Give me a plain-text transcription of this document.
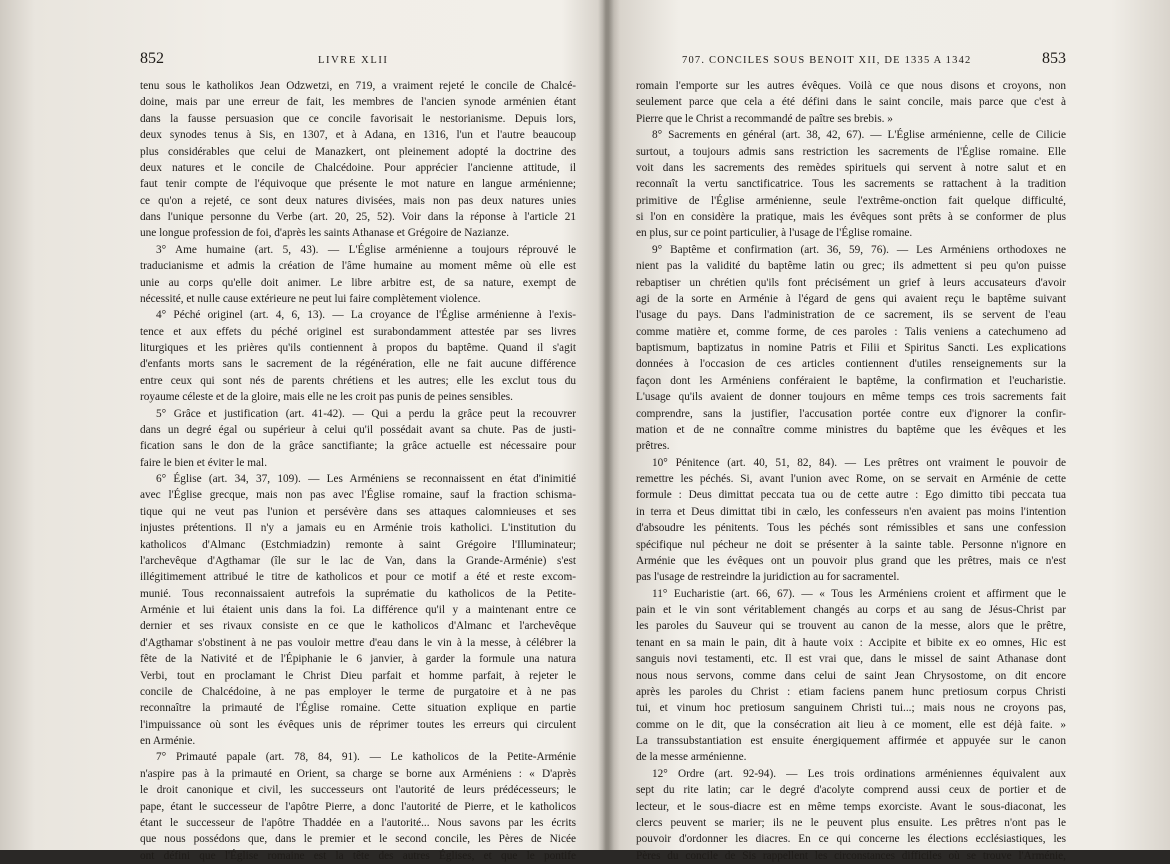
852	LIVRE XLII
tenu sous le katholikos Jean Odzwetzi, en 719, a vraiment rejeté le concile de Chalcé-
doine, mais par une erreur de fait, les membres de l'ancien synode arménien étant
dans la fausse persuasion que ce concile favorisait le nestorianisme. Depuis lors,
deux synodes tenus à Sis, en 1307, et à Adana, en 1316, l'un et l'autre beaucoup
plus considérables que celui de Manazkert, ont pleinement adopté la doctrine des
deux natures et le concile de Chalcédoine. Pour apprécier l'ancienne attitude, il
faut tenir compte de l'équivoque que présente le mot nature en langue arménienne;
ce qu'on a rejeté, ce sont deux natures divisées, mais non pas deux natures unies
dans l'unique personne du Verbe (art. 20, 25, 52). Voir dans la réponse à l'article 21
une longue profession de foi, d'après les saints Athanase et Grégoire de Nazianze.
3° Ame humaine (art. 5, 43). — L'Église arménienne a toujours réprouvé le
traducianisme et admis la création de l'âme humaine au moment même où elle est
unie au corps qu'elle doit animer. Le libre arbitre est, de sa nature, exempt de
nécessité, et nulle cause extérieure ne peut lui faire complètement violence.
4° Péché originel (art. 4, 6, 13). — La croyance de l'Église arménienne à l'exis-
tence et aux effets du péché originel est surabondamment attestée par ses livres
liturgiques et les prières qu'ils contiennent à propos du baptême. Quand il s'agit
d'enfants morts sans le sacrement de la régénération, elle ne fait aucune différence
entre ceux qui sont nés de parents chrétiens et les autres; elle les exclut tous du
royaume céleste et de la gloire, mais elle ne les croit pas punis de peines sensibles.
5° Grâce et justification (art. 41-42). — Qui a perdu la grâce peut la recouvrer
dans un degré égal ou supérieur à celui qu'il possédait avant sa chute. Pas de justi-
fication sans le don de la grâce sanctifiante; la grâce actuelle est nécessaire pour
faire le bien et éviter le mal.
6° Église (art. 34, 37, 109). — Les Arméniens se reconnaissent en état d'inimitié
avec l'Église grecque, mais non pas avec l'Église romaine, sauf la fraction schisma-
tique qui ne veut pas l'union et persévère dans ses attaques calomnieuses et ses
injustes prétentions. Il n'y a jamais eu en Arménie trois katholici. L'institution du
katholicos d'Almanc (Estchmiadzin) remonte à saint Grégoire l'Illuminateur;
l'archevêque d'Agthamar (île sur le lac de Van, dans la Grande-Arménie) s'est
illégitimement attribué le titre de katholicos et pour ce motif a été et reste excom-
munié. Tous reconnaissaient autrefois la suprématie du katholicos de la Petite-
Arménie et lui étaient unis dans la foi. La différence qu'il y a maintenant entre ce
dernier et ses rivaux consiste en ce que le katholicos d'Almanc et l'archevêque
d'Agthamar s'obstinent à ne pas vouloir mettre d'eau dans le vin à la messe, à célébrer la
fête de la Nativité et de l'Épiphanie le 6 janvier, à garder la formule una natura
Verbi, tout en proclamant le Christ Dieu parfait et homme parfait, à rejeter le
concile de Chalcédoine, à ne pas employer le terme de purgatoire et à ne pas
reconnaître la primauté de l'Église romaine. Cette situation explique en partie
l'impuissance où sont les évêques unis de réprimer toutes les erreurs qui circulent
en Arménie.
7° Primauté papale (art. 78, 84, 91). — Le katholicos de la Petite-Arménie
n'aspire pas à la primauté en Orient, sa charge se borne aux Arméniens : « D'après
le droit canonique et civil, les successeurs ont l'autorité de leurs prédécesseurs; le
pape, étant le successeur de l'apôtre Pierre, a donc l'autorité de Pierre, et le katholicos
étant le successeur de l'apôtre Thaddée en a l'autorité... Nous savons par les écrits
que nous possédons que, dans le premier et le second concile, les Pères de Nicée
ont défini que l'Église romaine est la tête des autres Églises, et que le pontife
707. CONCILES SOUS BENOIT XII, DE 1335 A 1342	853
romain l'emporte sur les autres évêques. Voilà ce que nous disons et croyons, non
seulement parce que cela a été défini dans le saint concile, mais parce que c'est à
Pierre que le Christ a recommandé de paître ses brebis. »
8° Sacrements en général (art. 38, 42, 67). — L'Église arménienne, celle de Cilicie
surtout, a toujours admis sans restriction les sacrements de l'Église romaine. Elle
voit dans les sacrements des remèdes spirituels qui servent à notre salut et en
reconnaît la vertu sanctificatrice. Tous les sacrements se rattachent à la tradition
primitive de l'Église arménienne, seule l'extrême-onction fait quelque difficulté,
si l'on en considère la pratique, mais les évêques sont prêts à se conformer de plus
en plus, sur ce point particulier, à l'usage de l'Église romaine.
9° Baptême et confirmation (art. 36, 59, 76). — Les Arméniens orthodoxes ne
nient pas la validité du baptême latin ou grec; ils admettent si peu qu'on puisse
rebaptiser un chrétien qu'ils font précisément un grief à leurs accusateurs d'avoir
agi de la sorte en Arménie à l'égard de gens qui avaient reçu le baptême suivant
l'usage du pays. Dans l'administration de ce sacrement, ils se servent de l'eau
comme matière et, comme forme, de ces paroles : Talis veniens a catechumeno ad
baptismum, baptizatus in nomine Patris et Filii et Spiritus Sancti. Les explications
données à l'occasion de ces articles contiennent d'utiles renseignements sur la
façon dont les Arméniens conféraient le baptême, la confirmation et l'eucharistie.
L'usage qu'ils avaient de donner toujours en même temps ces trois sacrements fait
comprendre, sans la justifier, l'accusation portée contre eux d'ignorer la confir-
mation et de ne connaître comme ministres du baptême que les évêques et les
prêtres.
10° Pénitence (art. 40, 51, 82, 84). — Les prêtres ont vraiment le pouvoir de
remettre les péchés. Si, avant l'union avec Rome, on se servait en Arménie de cette
formule : Deus dimittat peccata tua ou de cette autre : Ego dimitto tibi peccata tua
in terra et Deus dimittat tibi in cælo, les confesseurs n'en avaient pas moins l'intention
d'absoudre les pénitents. Tous les péchés sont rémissibles et sans une confession
spécifique nul pécheur ne doit se présenter à la sainte table. Personne n'ignore en
Arménie que les évêques ont un pouvoir plus grand que les prêtres, mais ce n'est
pas l'usage de restreindre la juridiction au for sacramentel.
11° Eucharistie (art. 66, 67). — « Tous les Arméniens croient et affirment que le
pain et le vin sont véritablement changés au corps et au sang de Jésus-Christ par
les paroles du Sauveur qui se trouvent au canon de la messe, alors que le prêtre,
tenant en sa main le pain, dit à haute voix : Accipite et bibite ex eo omnes, Hic est
sanguis novi testamenti, etc. Il est vrai que, dans le missel de saint Athanase dont
nous nous servons, comme dans celui de saint Jean Chrysostome, on dit encore
après les paroles du Christ : etiam faciens panem hunc pretiosum corpus Christi
tui, et vinum hoc pretiosum sanguinem Christi tui...; mais nous ne croyons pas,
comme on le dit, que la consécration ait lieu à ce moment, elle est déjà faite. »
La transsubstantiation est ensuite énergiquement affirmée et appuyée sur le canon
de la messe arménienne.
12° Ordre (art. 92-94). — Les trois ordinations arméniennes équivalent aux
sept du rite latin; car le degré d'acolyte comprend aussi ceux de portier et de
lecteur, et le sous-diacre est en même temps exorciste. Avant le sous-diaconat, les
clercs peuvent se marier; ils ne le peuvent plus ensuite. Les prêtres n'ont pas le
pouvoir d'ordonner les diacres. En ce qui concerne les élections ecclésiastiques, les
Pères du concile de Sis rappellent les circonstances difficiles où se trouve l'Arménie,
